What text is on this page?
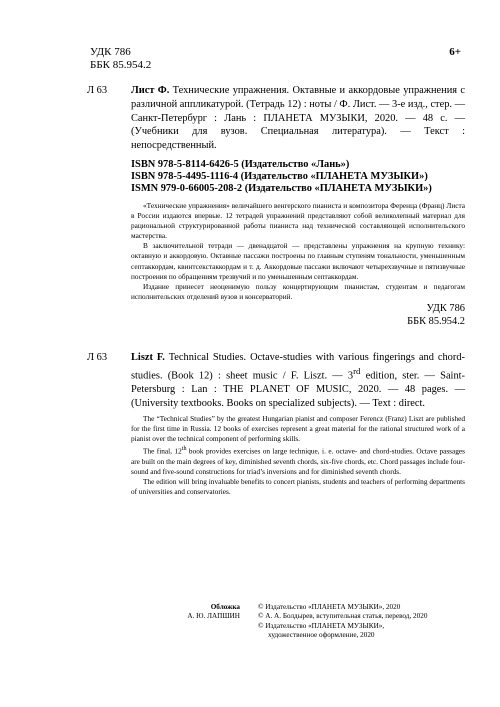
УДК 786
ББК 85.954.2
6+
Л 63 Лист Ф. Технические упражнения. Октавные и аккордовые упражнения с различной аппликатурой. (Тетрадь 12) : ноты / Ф. Лист. — 3-е изд., стер. — Санкт-Петербург : Лань : ПЛАНЕТА МУЗЫКИ, 2020. — 48 с. — (Учебники для вузов. Специальная литература). — Текст : непосредственный.
ISBN 978-5-8114-6426-5 (Издательство «Лань»)
ISBN 978-5-4495-1116-4 (Издательство «ПЛАНЕТА МУЗЫКИ»)
ISMN 979-0-66005-208-2 (Издательство «ПЛАНЕТА МУЗЫКИ»)

«Технические упражнения» величайшего венгерского пианиста и композитора Ференца (Франц) Листа в России издаются впервые. 12 тетрадей упражнений представляют собой великолепный материал для рациональной структурированной работы пианиста над технической составляющей исполнительского мастерства.

В заключительной тетради — двенадцатой — представлены упражнения на крупную технику: октавную и аккордовую. Октавные пассажи построены по главным ступеням тональности, уменьшенным септаккордам, квинтсекстаккордам и т. д. Аккордовые пассажи включают четырехзвучные и пятизвучные построения по обращениям трезвучий и по уменьшенным септаккордам.

Издание принесет неоценимую пользу концертирующим пианистам, студентам и педагогам исполнительских отделений вузов и консерваторий.

УДК 786
ББК 85.954.2
Л 63 Liszt F. Technical Studies. Octave-studies with various fingerings and chord-studies. (Book 12) : sheet music / F. Liszt. — 3rd edition, ster. — Saint-Petersburg : Lan : THE PLANET OF MUSIC, 2020. — 48 pages. — (University textbooks. Books on specialized subjects). — Text : direct.

The “Technical Studies” by the greatest Hungarian pianist and composer Ferencz (Franz) Liszt are published for the first time in Russia. 12 books of exercises represent a great material for the rational structured work of a pianist over the technical component of performing skills.

The final, 12th book provides exercises on large technique, i. e. octave- and chord-studies. Octave passages are built on the main degrees of key, diminished seventh chords, six-five chords, etc. Chord passages include four-sound and five-sound constructions for triad’s inversions and for diminished seventh chords.

The edition will bring invaluable benefits to concert pianists, students and teachers of performing departments of universities and conservatories.

Обложка
А. Ю. ЛАПШИН
© Издательство «ПЛАНЕТА МУЗЫКИ», 2020
© А. А. Болдырев, вступительная статья, перевод, 2020
© Издательство «ПЛАНЕТА МУЗЫКИ»,
художественное оформление, 2020
